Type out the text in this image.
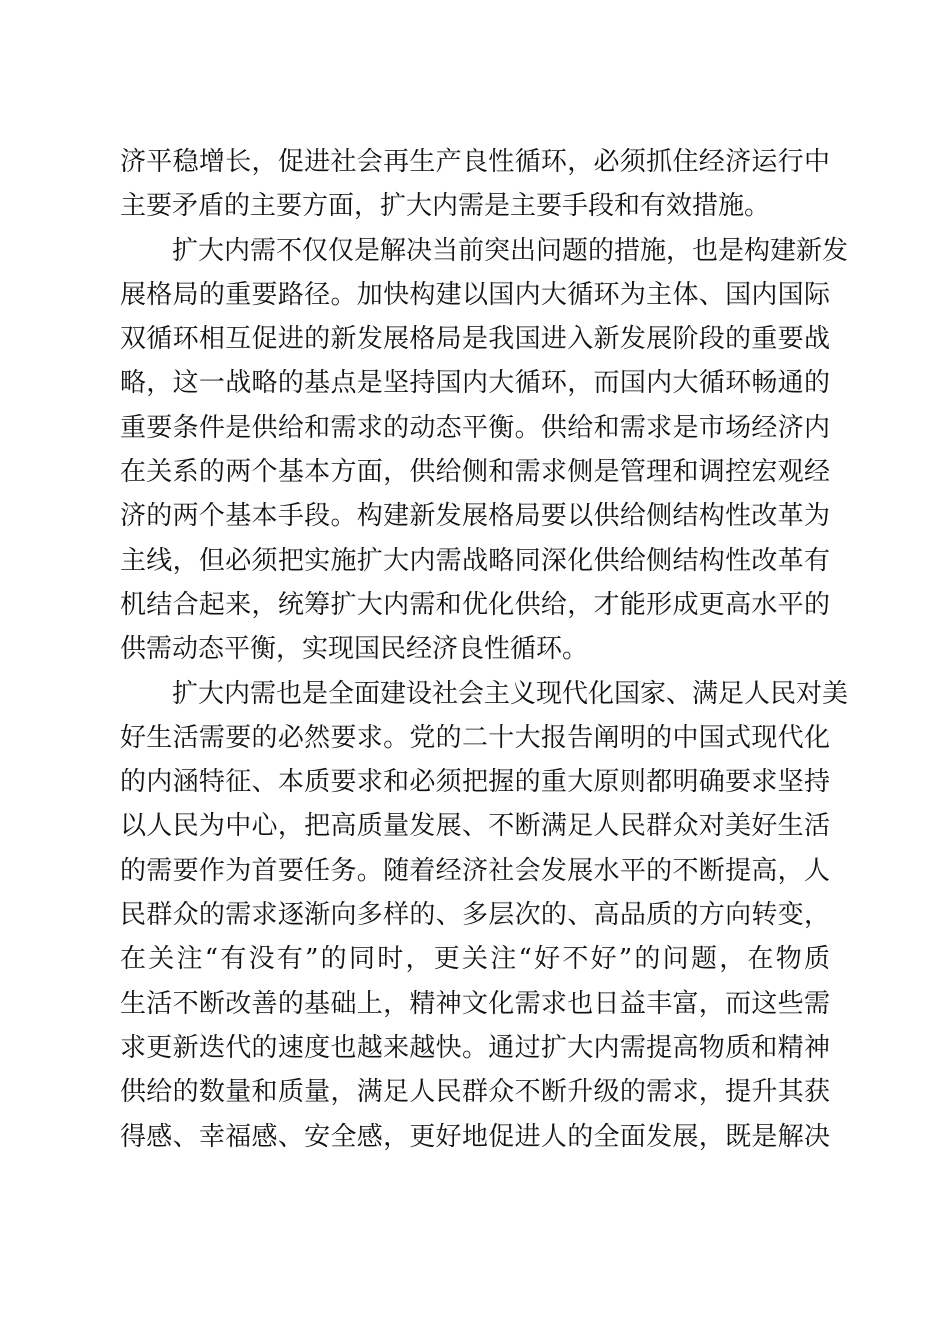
济平稳增长，促进社会再生产良性循环，必须抓住经济运行中
主要矛盾的主要方面，扩大内需是主要手段和有效措施。
　　扩大内需不仅仅是解决当前突出问题的措施，也是构建新发
展格局的重要路径。加快构建以国内大循环为主体、国内国际
双循环相互促进的新发展格局是我国进入新发展阶段的重要战
略，这一战略的基点是坚持国内大循环，而国内大循环畅通的
重要条件是供给和需求的动态平衡。供给和需求是市场经济内
在关系的两个基本方面，供给侧和需求侧是管理和调控宏观经
济的两个基本手段。构建新发展格局要以供给侧结构性改革为
主线，但必须把实施扩大内需战略同深化供给侧结构性改革有
机结合起来，统筹扩大内需和优化供给，才能形成更高水平的
供需动态平衡，实现国民经济良性循环。
　　扩大内需也是全面建设社会主义现代化国家、满足人民对美
好生活需要的必然要求。党的二十大报告阐明的中国式现代化
的内涵特征、本质要求和必须把握的重大原则都明确要求坚持
以人民为中心，把高质量发展、不断满足人民群众对美好生活
的需要作为首要任务。随着经济社会发展水平的不断提高，人
民群众的需求逐渐向多样的、多层次的、高品质的方向转变，
在关注“有没有”的同时，更关注“好不好”的问题，在物质
生活不断改善的基础上，精神文化需求也日益丰富，而这些需
求更新迭代的速度也越来越快。通过扩大内需提高物质和精神
供给的数量和质量，满足人民群众不断升级的需求，提升其获
得感、幸福感、安全感，更好地促进人的全面发展，既是解决
